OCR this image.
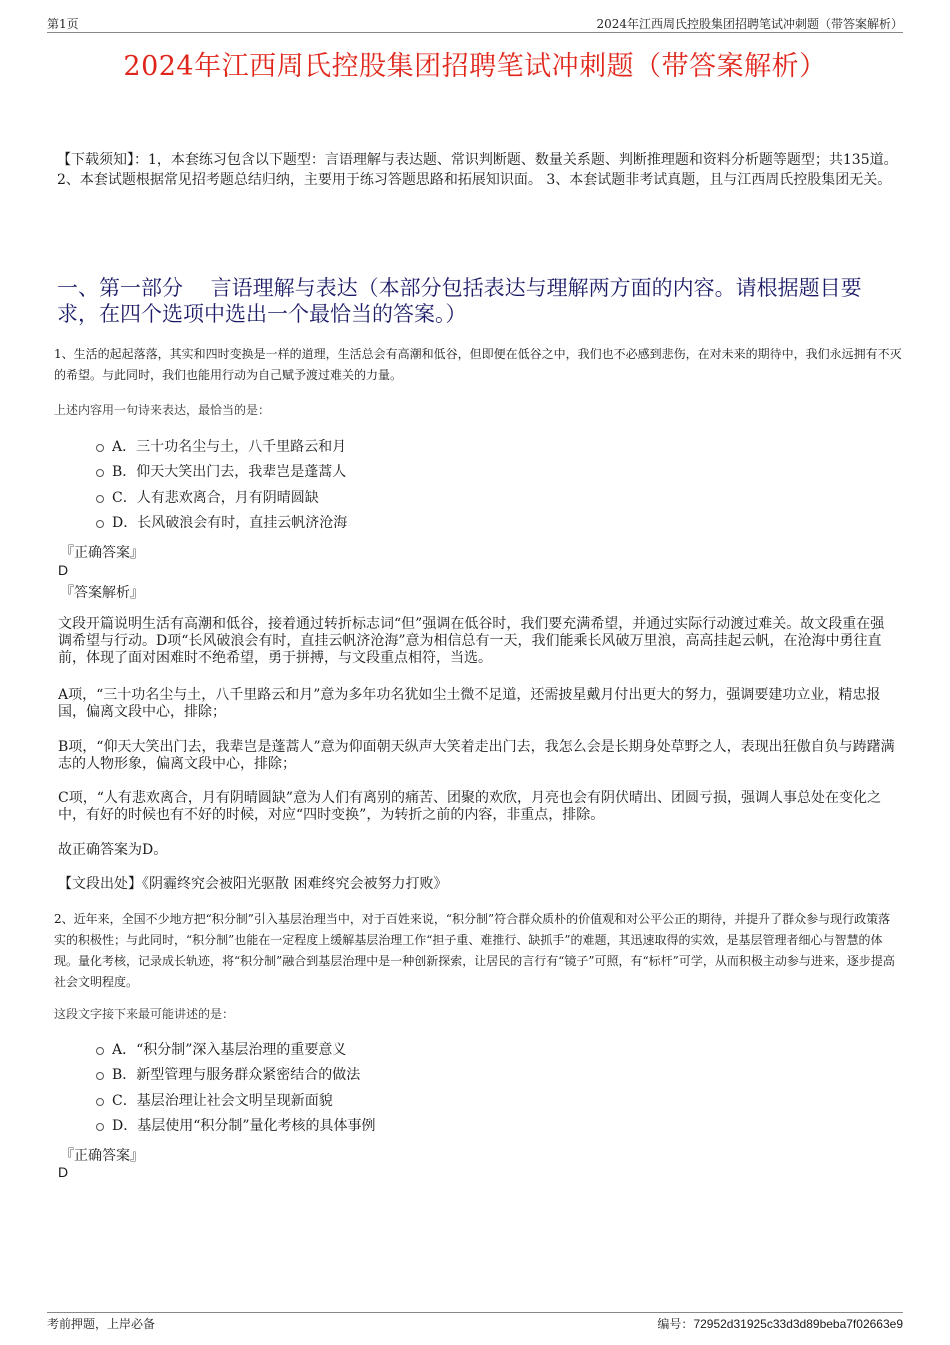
第1页	2024年江西周氏控股集团招聘笔试冲刺题（带答案解析）
2024年江西周氏控股集团招聘笔试冲刺题（带答案解析）
【下载须知】：1，本套练习包含以下题型：言语理解与表达题、常识判断题、数量关系题、判断推理题和资料分析题等题型；共135道。 2、本套试题根据常见招考题总结归纳，主要用于练习答题思路和拓展知识面。 3、本套试题非考试真题，且与江西周氏控股集团无关。
一、第一部分　 言语理解与表达（本部分包括表达与理解两方面的内容。请根据题目要求，在四个选项中选出一个最恰当的答案。）
1、生活的起起落落，其实和四时变换是一样的道理，生活总会有高潮和低谷，但即便在低谷之中，我们也不必感到悲伤，在对未来的期待中，我们永远拥有不灭的希望。与此同时，我们也能用行动为自己赋予渡过难关的力量。
上述内容用一句诗来表达，最恰当的是：
A．三十功名尘与土，八千里路云和月
B．仰天大笑出门去，我辈岂是蓬蒿人
C．人有悲欢离合，月有阴晴圆缺
D．长风破浪会有时，直挂云帆济沧海
『正确答案』
D
『答案解析』
文段开篇说明生活有高潮和低谷，接着通过转折标志词“但”强调在低谷时，我们要充满希望，并通过实际行动渡过难关。故文段重在强调希望与行动。D项“长风破浪会有时，直挂云帆济沧海”意为相信总有一天，我们能乘长风破万里浪，高高挂起云帆，在沧海中勇往直前，体现了面对困难时不绝希望，勇于拼搏，与文段重点相符，当选。
A项，“三十功名尘与土，八千里路云和月”意为多年功名犹如尘土微不足道，还需披星戴月付出更大的努力，强调要建功立业，精忠报国，偏离文段中心，排除；
B项，“仰天大笑出门去，我辈岂是蓬蒿人”意为仰面朝天纵声大笑着走出门去，我怎么会是长期身处草野之人，表现出狂傲自负与踌躇满志的人物形象，偏离文段中心，排除；
C项，“人有悲欢离合，月有阴晴圆缺”意为人们有离别的痛苦、团聚的欢欣，月亮也会有阴伏晴出、团圆亏损，强调人事总处在变化之中，有好的时候也有不好的时候，对应“四时变换”，为转折之前的内容，非重点，排除。
故正确答案为D。
【文段出处】《阴霾终究会被阳光驱散 困难终究会被努力打败》
2、近年来，全国不少地方把“积分制”引入基层治理当中，对于百姓来说，“积分制”符合群众质朴的价值观和对公平公正的期待，并提升了群众参与现行政策落实的积极性；与此同时，“积分制”也能在一定程度上缓解基层治理工作“担子重、难推行、缺抓手”的难题，其迅速取得的实效，是基层管理者细心与智慧的体现。量化考核，记录成长轨迹，将“积分制”融合到基层治理中是一种创新探索，让居民的言行有“镜子”可照，有“标杆”可学，从而积极主动参与进来，逐步提高社会文明程度。
这段文字接下来最可能讲述的是：
A．“积分制”深入基层治理的重要意义
B．新型管理与服务群众紧密结合的做法
C．基层治理让社会文明呈现新面貌
D．基层使用“积分制”量化考核的具体事例
『正确答案』
D
考前押题，上岸必备	编号：72952d31925c33d3d89beba7f02663e9
